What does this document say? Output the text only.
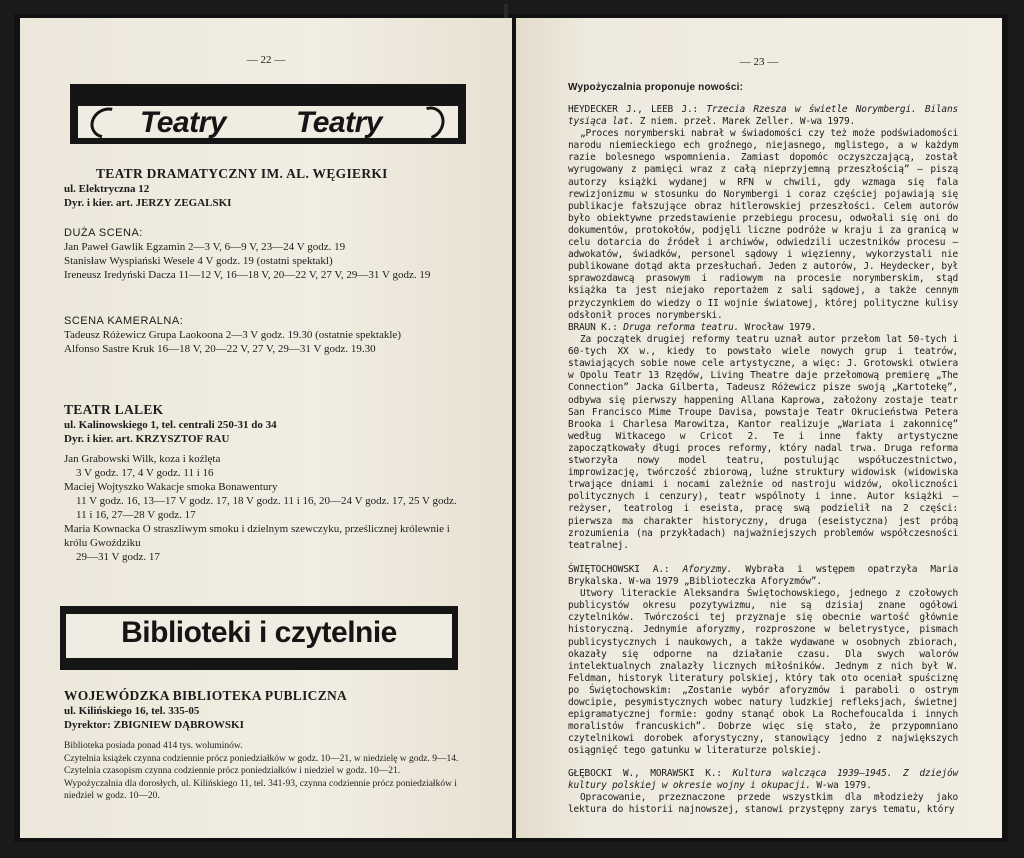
— 22 —
Teatry Teatry

TEATR DRAMATYCZNY IM. AL. WĘGIERKI

ul. Elektryczna 12

Dyr. i kier. art. JERZY ZEGALSKI

DUŻA SCENA:

Jan Paweł Gawlik Egzamin 2—3 V, 6—9 V, 23—24 V godz. 19

Stanisław Wyspiański Wesele 4 V godz. 19 (ostatni spektakl)

Ireneusz Iredyński Dacza 11—12 V, 16—18 V, 20—22 V, 27 V, 29—31 V godz. 19

SCENA KAMERALNA:

Tadeusz Różewicz Grupa Laokoona 2—3 V godz. 19.30 (ostatnie spektakle)

Alfonso Sastre Kruk 16—18 V, 20—22 V, 27 V, 29—31 V godz. 19.30

TEATR LALEK

ul. Kalinowskiego 1, tel. centrali 250-31 do 34

Dyr. i kier. art. KRZYSZTOF RAU

Jan Grabowski Wilk, koza i koźlęta

3 V godz. 17, 4 V godz. 11 i 16

Maciej Wojtyszko Wakacje smoka Bonawentury

11 V godz. 16, 13—17 V godz. 17, 18 V godz. 11 i 16, 20—24 V godz. 17, 25 V godz. 11 i 16, 27—28 V godz. 17

Maria Kownacka O straszliwym smoku i dzielnym szewczyku, prześlicznej królewnie i królu Gwoździku

29—31 V godz. 17

Biblioteki i czytelnie

WOJEWÓDZKA BIBLIOTEKA PUBLICZNA

ul. Kilińskiego 16, tel. 335-05

Dyrektor: ZBIGNIEW DĄBROWSKI

Biblioteka posiada ponad 414 tys. woluminów.

Czytelnia książek czynna codziennie prócz poniedziałków w godz. 10—21, w niedzielę w godz. 9—14. Czytelnia czasopism czynna codziennie prócz poniedziałków i niedziel w godz. 10—21.

Wypożyczalnia dla dorosłych, ul. Kilińskiego 11, tel. 341-93, czynna codziennie prócz poniedziałków i niedziel w godz. 10—20.

— 23 —
Wypożyczalnia proponuje nowości:

HEYDECKER J., LEEB J.: Trzecia Rzesza w świetle Norymbergi. Bilans tysiąca lat. Z niem. przeł. Marek Zeller. W-wa 1979.

„Proces norymberski nabrał w świadomości czy też może podświadomości narodu niemieckiego ech groźnego, niejasnego, mglistego, a w każdym razie bolesnego wspomnienia. Zamiast dopomóc oczyszczającą, został wyrugowany z pamięci wraz z całą nieprzyjemną przeszłością” — piszą autorzy książki wydanej w RFN w chwili, gdy wzmaga się fala rewizjonizmu w stosunku do Norymbergi i coraz częściej pojawiają się publikacje fałszujące obraz hitlerowskiej przeszłości. Celem autorów było obiektywne przedstawienie przebiegu procesu, odwołali się oni do dokumentów, protokołów, podjęli liczne podróże w kraju i za granicą w celu dotarcia do źródeł i archiwów, odwiedzili uczestników procesu — adwokatów, świadków, personel sądowy i więzienny, wykorzystali nie publikowane dotąd akta przesłuchań. Jeden z autorów, J. Heydecker, był sprawozdawcą prasowym i radiowym na procesie norymberskim, stąd książka ta jest niejako reportażem z sali sądowej, a także cennym przyczynkiem do wiedzy o II wojnie światowej, której polityczne kulisy odsłonił proces norymberski.

BRAUN K.: Druga reforma teatru. Wrocław 1979.

Za początek drugiej reformy teatru uznał autor przełom lat 50-tych i 60-tych XX w., kiedy to powstało wiele nowych grup i teatrów, stawiających sobie nowe cele artystyczne, a więc: J. Grotowski otwiera w Opolu Teatr 13 Rzędów, Living Theatre daje przełomową premierę „The Connection” Jacka Gilberta, Tadeusz Różewicz pisze swoją „Kartotekę”, odbywa się pierwszy happening Allana Kaprowa, założony zostaje teatr San Francisco Mime Troupe Davisa, powstaje Teatr Okrucieństwa Petera Brooka i Charlesa Marowitza, Kantor realizuje „Wariata i zakonnicę” według Witkacego w Cricot 2. Te i inne fakty artystyczne zapoczątkowały długi proces reformy, który nadal trwa. Druga reforma stworzyła nowy model teatru, postulując współuczestnictwo, improwizację, twórczość zbiorową, luźne struktury widowisk (widowiska trwające dniami i nocami zależnie od nastroju widzów, okoliczności politycznych i cenzury), teatr wspólnoty i inne. Autor książki — reżyser, teatrolog i eseista, pracę swą podzielił na 2 części: pierwsza ma charakter historyczny, druga (eseistyczna) jest próbą zrozumienia (na przykładach) najważniejszych problemów współczesności teatralnej.

ŚWIĘTOCHOWSKI A.: Aforyzmy. Wybrała i wstępem opatrzyła Maria Brykalska. W-wa 1979 „Biblioteczka Aforyzmów”.

Utwory literackie Aleksandra Świętochowskiego, jednego z czołowych publicystów okresu pozytywizmu, nie są dzisiaj znane ogółowi czytelników. Twórczości tej przyznaje się obecnie wartość głównie historyczną. Jednymie aforyzmy, rozproszone w beletrystyce, pismach publicystycznych i naukowych, a także wydawane w osobnych zbiorach, okazały się odporne na działanie czasu. Dla swych walorów intelektualnych znalazły licznych miłośników. Jednym z nich był W. Feldman, historyk literatury polskiej, który tak oto oceniał spuściznę po Świętochowskim: „Zostanie wybór aforyzmów i paraboli o ostrym dowcipie, pesymistycznych wobec natury ludzkiej refleksjach, świetnej epigramatycznej formie: godny stanąć obok La Rochefoucalda i innych moralistów francuskich”. Dobrze więc się stało, że przypomniano czytelnikowi dorobek aforystyczny, stanowiący jedno z największych osiągnięć tego gatunku w literaturze polskiej.

GŁĘBOCKI W., MORAWSKI K.: Kultura walcząca 1939—1945. Z dziejów kultury polskiej w okresie wojny i okupacji. W-wa 1979.

Opracowanie, przeznaczone przede wszystkim dla młodzieży jako lektura do historii najnowszej, stanowi przystępny zarys tematu, który
